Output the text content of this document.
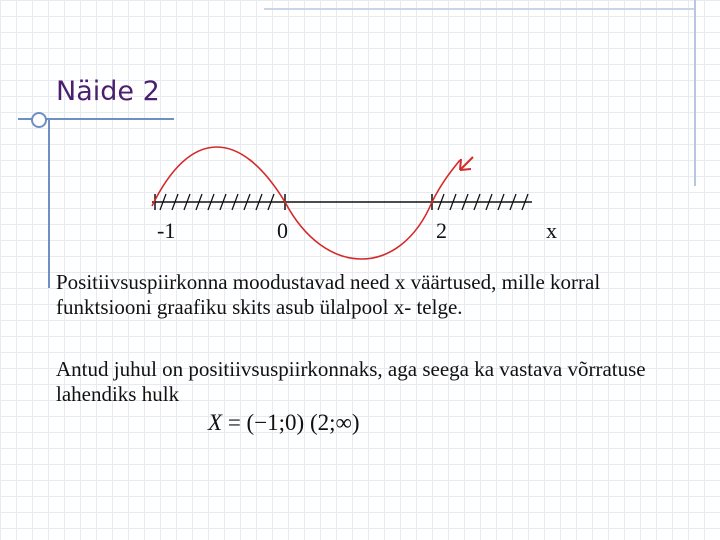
Näide 2
-1	0	2	x
Positiivsuspiirkonna moodustavad need x väärtused, mille korral funktsiooni graafiku skits asub ülalpool x- telge.
Antud juhul on positiivsuspiirkonnaks, aga seega ka vastava võrratuse lahendiks hulk
X = (−1;0) (2;∞)
